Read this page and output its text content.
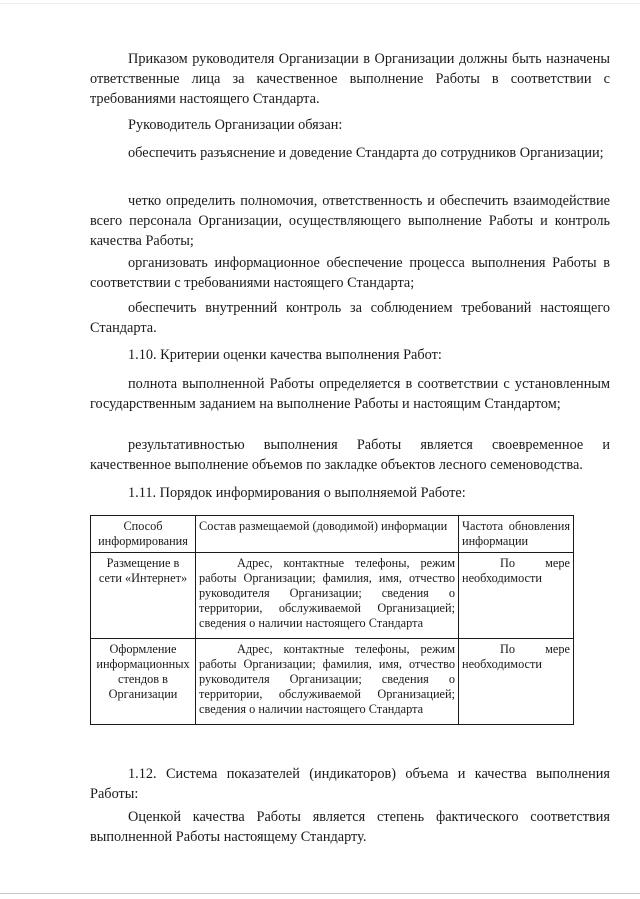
Приказом руководителя Организации в Организации должны быть назначены ответственные лица за качественное выполнение Работы в соответствии с требованиями настоящего Стандарта.

Руководитель Организации обязан:

обеспечить разъяснение и доведение Стандарта до сотрудников Организации;

четко определить полномочия, ответственность и обеспечить взаимодействие всего персонала Организации, осуществляющего выполнение Работы и контроль качества Работы;

организовать информационное обеспечение процесса выполнения Работы в соответствии с требованиями настоящего Стандарта;

обеспечить внутренний контроль за соблюдением требований настоящего Стандарта.

1.10. Критерии оценки качества выполнения Работ:

полнота выполненной Работы определяется в соответствии с установленным государственным заданием на выполнение Работы и настоящим Стандартом;

результативностью выполнения Работы является своевременное и качественное выполнение объемов по закладке объектов лесного семеноводства.

1.11. Порядок информирования о выполняемой Работе:

Способ информирования	Состав размещаемой (доводимой) информации	Частота обновления информации
Размещение в сети «Интернет»	Адрес, контактные телефоны, режим работы Организации; фамилия, имя, отчество руководителя Организации; сведения о территории, обслуживаемой Организацией; сведения о наличии настоящего Стандарта	По мере необходимости

Оформление информационных стендов в Организации	Адрес, контактные телефоны, режим работы Организации; фамилия, имя, отчество руководителя Организации; сведения о территории, обслуживаемой Организацией; сведения о наличии настоящего Стандарта	По мере необходимости

1.12. Система показателей (индикаторов) объема и качества выполнения Работы:

Оценкой качества Работы является степень фактического соответствия выполненной Работы настоящему Стандарту.
